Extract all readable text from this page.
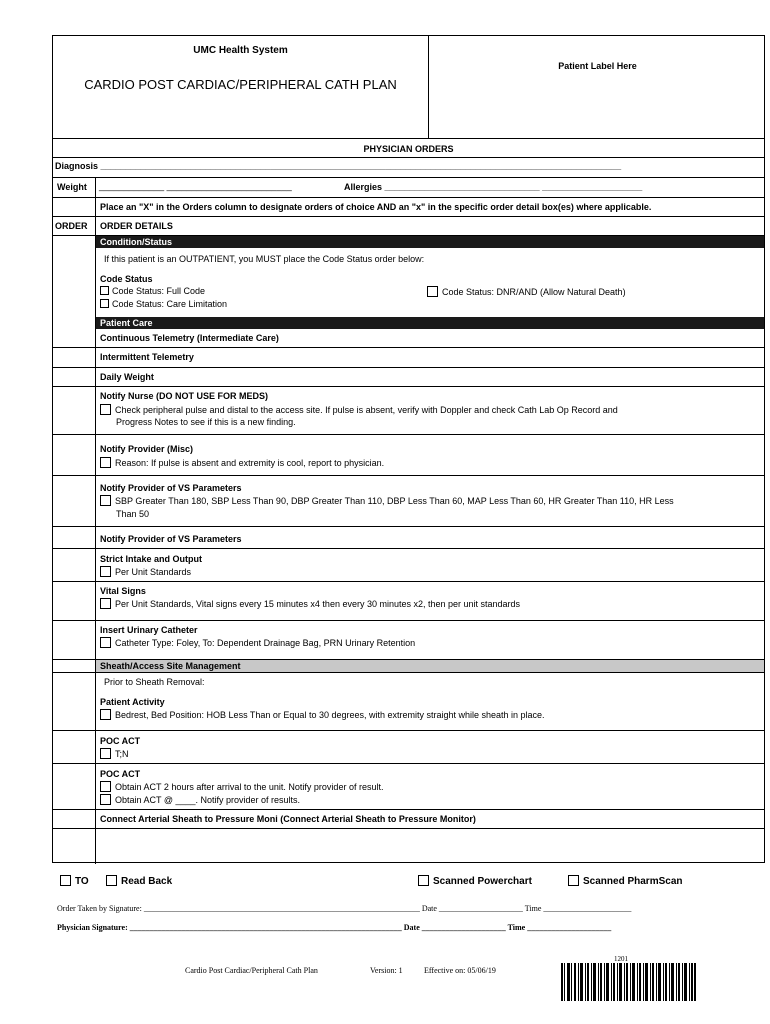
UMC Health System
CARDIO POST CARDIAC/PERIPHERAL CATH PLAN
Patient Label Here
PHYSICIAN ORDERS
Diagnosis ________________________________________________________________________________________________________
Weight _____________ _________________________	Allergies _______________________________ ____________________
Place an "X" in the Orders column to designate orders of choice AND an "x" in the specific order detail box(es) where applicable.
ORDER ORDER DETAILS
Condition/Status
If this patient is an OUTPATIENT, you MUST place the Code Status order below:
Code Status
Code Status: Full Code
Code Status: Care Limitation
Code Status: DNR/AND (Allow Natural Death)
Patient Care
Continuous Telemetry (Intermediate Care)
Intermittent Telemetry
Daily Weight
Notify Nurse (DO NOT USE FOR MEDS)
Check peripheral pulse and distal to the access site. If pulse is absent, verify with Doppler and check Cath Lab Op Record and
Progress Notes to see if this is a new finding.
Notify Provider (Misc)
Reason: If pulse is absent and extremity is cool, report to physician.
Notify Provider of VS Parameters
SBP Greater Than 180, SBP Less Than 90, DBP Greater Than 110, DBP Less Than 60, MAP Less Than 60, HR Greater Than 110, HR Less
Than 50
Notify Provider of VS Parameters
Strict Intake and Output
Per Unit Standards
Vital Signs
Per Unit Standards, Vital signs every 15 minutes x4 then every 30 minutes x2, then per unit standards
Insert Urinary Catheter
Catheter Type: Foley, To: Dependent Drainage Bag, PRN Urinary Retention
Sheath/Access Site Management
Prior to Sheath Removal:
Patient Activity
Bedrest, Bed Position: HOB Less Than or Equal to 30 degrees, with extremity straight while sheath in place.
POC ACT
T;N
POC ACT
Obtain ACT 2 hours after arrival to the unit. Notify provider of result.
Obtain ACT @ ____. Notify provider of results.
Connect Arterial Sheath to Pressure Moni (Connect Arterial Sheath to Pressure Monitor)
TO	Read Back	Scanned Powerchart	Scanned PharmScan
Order Taken by Signature: _____________________________________________________________________ Date _____________________ Time ______________________
Physician Signature: ____________________________________________________________________ Date _____________________ Time _____________________
Cardio Post Cardiac/Peripheral Cath Plan	Version: 1	Effective on: 05/06/19
1201
